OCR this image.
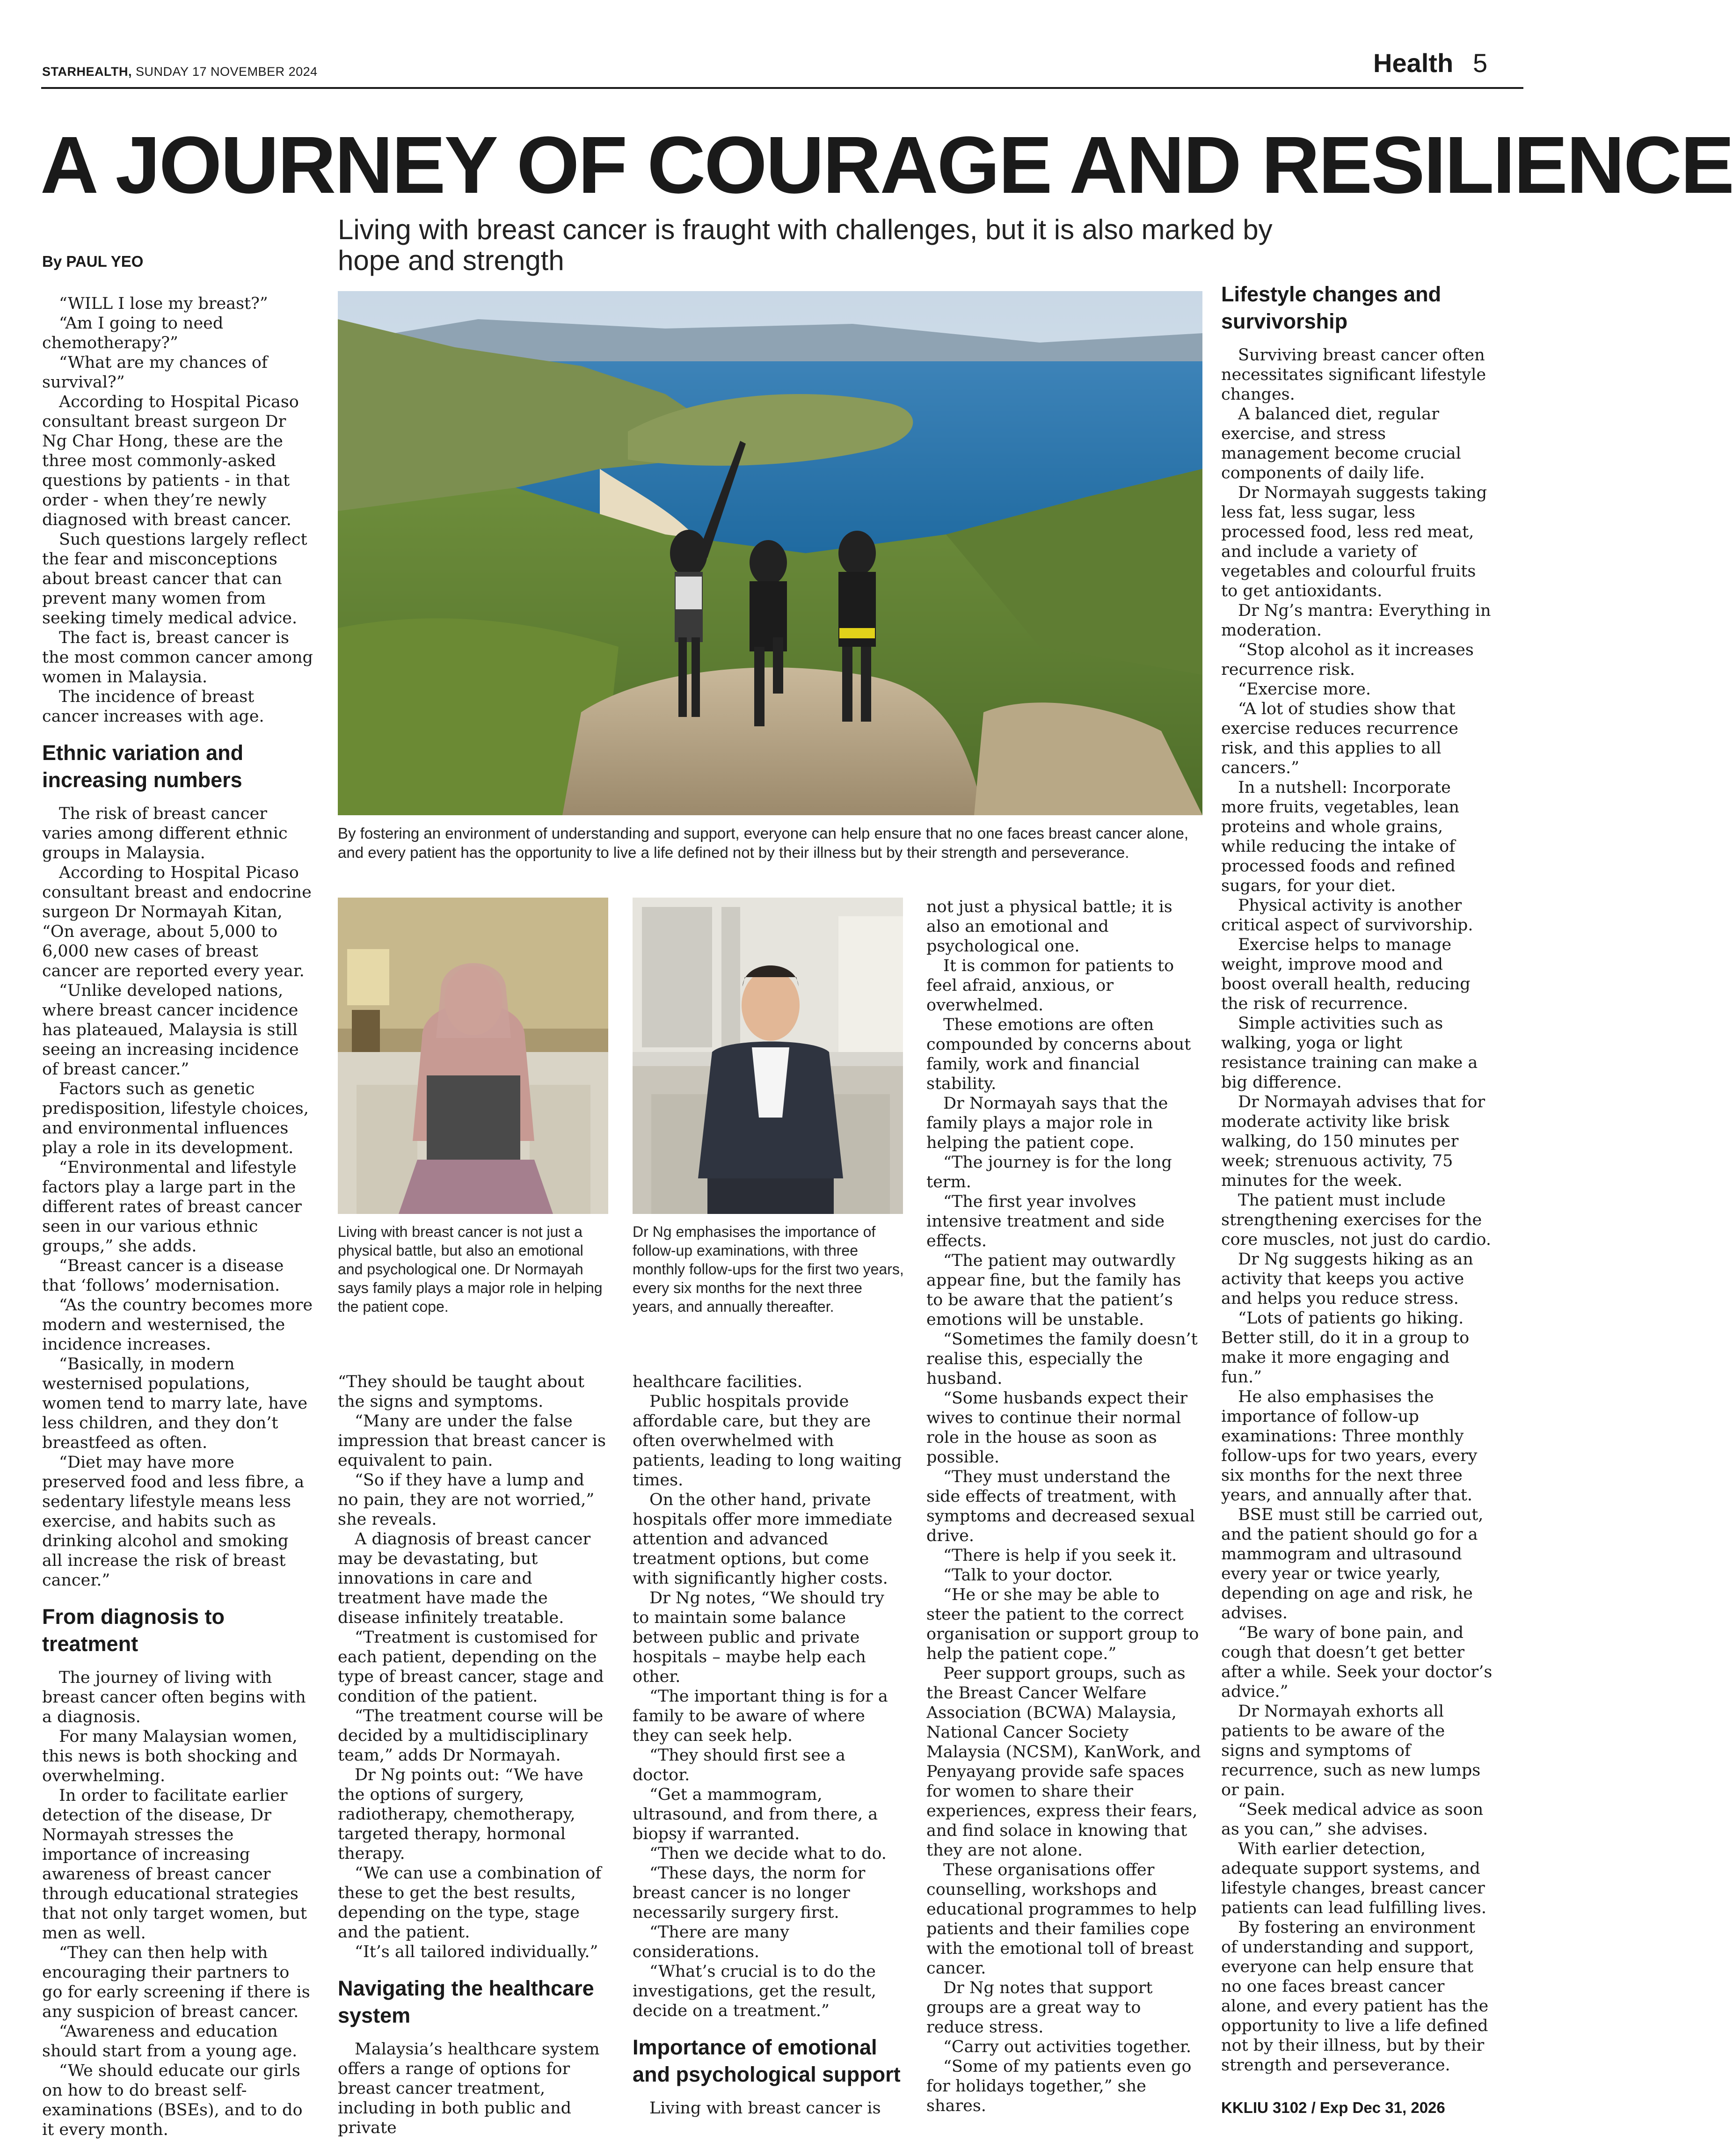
STARHEALTH, SUNDAY 17 NOVEMBER 2024	Health 5
A JOURNEY OF COURAGE AND RESILIENCE
Living with breast cancer is fraught with challenges, but it is also marked by hope and strength
By PAUL YEO

“WILL I lose my breast?”

“Am I going to need chemotherapy?”

“What are my chances of survival?”

According to Hospital Picaso consultant breast surgeon Dr Ng Char Hong, these are the three most commonly-asked questions by patients - in that order - when they’re newly diagnosed with breast cancer.

Such questions largely reflect the fear and misconceptions about breast cancer that can prevent many women from seeking timely medical advice.

The fact is, breast cancer is the most common cancer among women in Malaysia.

The incidence of breast cancer increases with age.

Ethnic variation and increasing numbers

The risk of breast cancer varies among different ethnic groups in Malaysia.

According to Hospital Picaso consultant breast and endocrine surgeon Dr Normayah Kitan, “On average, about 5,000 to 6,000 new cases of breast cancer are reported every year.

“Unlike developed nations, where breast cancer incidence has plateaued, Malaysia is still seeing an increasing incidence of breast cancer.”

Factors such as genetic predisposition, lifestyle choices, and environmental influences play a role in its development.

“Environmental and lifestyle factors play a large part in the different rates of breast cancer seen in our various ethnic groups,” she adds.

“Breast cancer is a disease that ‘follows’ modernisation.

“As the country becomes more modern and westernised, the incidence increases.

“Basically, in modern westernised populations, women tend to marry late, have less children, and they don’t breastfeed as often.

“Diet may have more preserved food and less fibre, a sedentary lifestyle means less exercise, and habits such as drinking alcohol and smoking all increase the risk of breast cancer.”

From diagnosis to treatment

The journey of living with breast cancer often begins with a diagnosis.

For many Malaysian women, this news is both shocking and overwhelming.

In order to facilitate earlier detection of the disease, Dr Normayah stresses the importance of increasing awareness of breast cancer through educational strategies that not only target women, but men as well.

“They can then help with encouraging their partners to go for early screening if there is any suspicion of breast cancer.

“Awareness and education should start from a young age.

“We should educate our girls on how to do breast self-examinations (BSEs), and to do it every month.

By fostering an environment of understanding and support, everyone can help ensure that no one faces breast cancer alone, and every patient has the opportunity to live a life defined not by their illness but by their strength and perseverance.
Living with breast cancer is not just a physical battle, but also an emotional and psychological one. Dr Normayah says family plays a major role in helping the patient cope.
Dr Ng emphasises the importance of follow-up examinations, with three monthly follow-ups for the first two years, every six months for the next three years, and annually thereafter.

“They should be taught about the signs and symptoms.

“Many are under the false impression that breast cancer is equivalent to pain.

“So if they have a lump and no pain, they are not worried,” she reveals.

A diagnosis of breast cancer may be devastating, but innovations in care and treatment have made the disease infinitely treatable.

“Treatment is customised for each patient, depending on the type of breast cancer, stage and condition of the patient.

“The treatment course will be decided by a multidisciplinary team,” adds Dr Normayah.

Dr Ng points out: “We have the options of surgery, radiotherapy, chemotherapy, targeted therapy, hormonal therapy.

“We can use a combination of these to get the best results, depending on the type, stage and the patient.

“It’s all tailored individually.”

Navigating the healthcare system

Malaysia’s healthcare system offers a range of options for breast cancer treatment, including in both public and private

healthcare facilities.

Public hospitals provide affordable care, but they are often overwhelmed with patients, leading to long waiting times.

On the other hand, private hospitals offer more immediate attention and advanced treatment options, but come with significantly higher costs.

Dr Ng notes, “We should try to maintain some balance between public and private hospitals – maybe help each other.

“The important thing is for a family to be aware of where they can seek help.

“They should first see a doctor.

“Get a mammogram, ultrasound, and from there, a biopsy if warranted.

“Then we decide what to do.

“These days, the norm for breast cancer is no longer necessarily surgery first.

“There are many considerations.

“What’s crucial is to do the investigations, get the result, decide on a treatment.”

Importance of emotional and psychological support

Living with breast cancer is

not just a physical battle; it is also an emotional and psychological one.

It is common for patients to feel afraid, anxious, or overwhelmed.

These emotions are often compounded by concerns about family, work and financial stability.

Dr Normayah says that the family plays a major role in helping the patient cope.

“The journey is for the long term.

“The first year involves intensive treatment and side effects.

“The patient may outwardly appear fine, but the family has to be aware that the patient’s emotions will be unstable.

“Sometimes the family doesn’t realise this, especially the husband.

“Some husbands expect their wives to continue their normal role in the house as soon as possible.

“They must understand the side effects of treatment, with symptoms and decreased sexual drive.

“There is help if you seek it.

“Talk to your doctor.

“He or she may be able to steer the patient to the correct organisation or support group to help the patient cope.”

Peer support groups, such as the Breast Cancer Welfare Association (BCWA) Malaysia, National Cancer Society Malaysia (NCSM), KanWork, and Penyayang provide safe spaces for women to share their experiences, express their fears, and find solace in knowing that they are not alone.

These organisations offer counselling, workshops and educational programmes to help patients and their families cope with the emotional toll of breast cancer.

Dr Ng notes that support groups are a great way to reduce stress.

“Carry out activities together.

“Some of my patients even go for holidays together,” she shares.

Lifestyle changes and survivorship

Surviving breast cancer often necessitates significant lifestyle changes.

A balanced diet, regular exercise, and stress management become crucial components of daily life.

Dr Normayah suggests taking less fat, less sugar, less processed food, less red meat, and include a variety of vegetables and colourful fruits to get antioxidants.

Dr Ng’s mantra: Everything in moderation.

“Stop alcohol as it increases recurrence risk.

“Exercise more.

“A lot of studies show that exercise reduces recurrence risk, and this applies to all cancers.”

In a nutshell: Incorporate more fruits, vegetables, lean proteins and whole grains, while reducing the intake of processed foods and refined sugars, for your diet.

Physical activity is another critical aspect of survivorship.

Exercise helps to manage weight, improve mood and boost overall health, reducing the risk of recurrence.

Simple activities such as walking, yoga or light resistance training can make a big difference.

Dr Normayah advises that for moderate activity like brisk walking, do 150 minutes per week; strenuous activity, 75 minutes for the week.

The patient must include strengthening exercises for the core muscles, not just do cardio.

Dr Ng suggests hiking as an activity that keeps you active and helps you reduce stress.

“Lots of patients go hiking. Better still, do it in a group to make it more engaging and fun.”

He also emphasises the importance of follow-up examinations: Three monthly follow-ups for two years, every six months for the next three years, and annually after that.

BSE must still be carried out, and the patient should go for a mammogram and ultrasound every year or twice yearly, depending on age and risk, he advises.

“Be wary of bone pain, and cough that doesn’t get better after a while. Seek your doctor’s advice.”

Dr Normayah exhorts all patients to be aware of the signs and symptoms of recurrence, such as new lumps or pain.

“Seek medical advice as soon as you can,” she advises.

With earlier detection, adequate support systems, and lifestyle changes, breast cancer patients can lead fulfilling lives.

By fostering an environment of understanding and support, everyone can help ensure that no one faces breast cancer alone, and every patient has the opportunity to live a life defined not by their illness, but by their strength and perseverance.

KKLIU 3102 / Exp Dec 31, 2026
